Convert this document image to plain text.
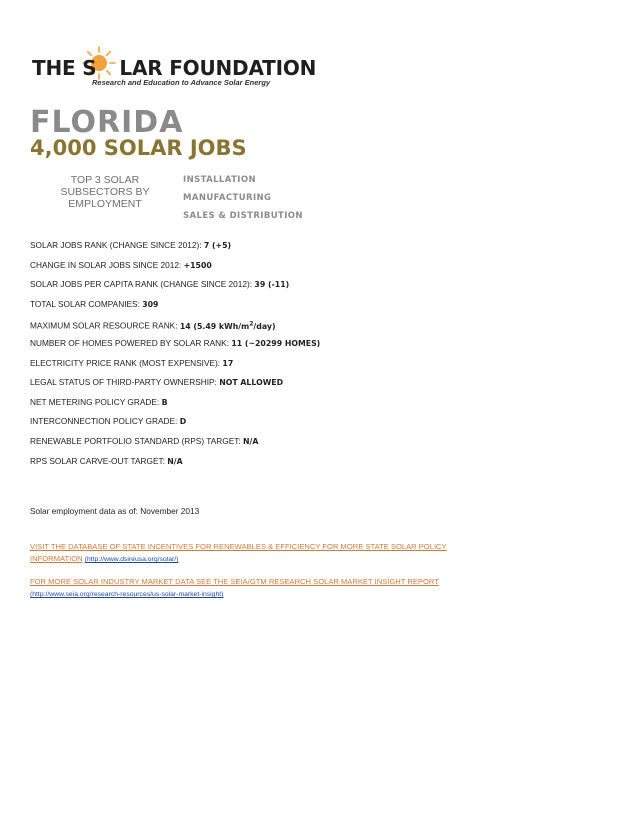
THE S LAR FOUNDATION
Research and Education to Advance Solar Energy
FLORIDA
4,000 SOLAR JOBS
TOP 3 SOLAR SUBSECTORS BY EMPLOYMENT
INSTALLATION
MANUFACTURING
SALES & DISTRIBUTION
SOLAR JOBS RANK (CHANGE SINCE 2012): 7 (+5)
CHANGE IN SOLAR JOBS SINCE 2012: +1500
SOLAR JOBS PER CAPITA RANK (CHANGE SINCE 2012): 39 (-11)
TOTAL SOLAR COMPANIES: 309
MAXIMUM SOLAR RESOURCE RANK: 14 (5.49 kWh/$m^2/day$)
NUMBER OF HOMES POWERED BY SOLAR RANK: 11 (~20299 HOMES)
ELECTRICITY PRICE RANK (MOST EXPENSIVE): 17
LEGAL STATUS OF THIRD-PARTY OWNERSHIP: NOT ALLOWED
NET METERING POLICY GRADE: B
INTERCONNECTION POLICY GRADE: D
RENEWABLE PORTFOLIO STANDARD (RPS) TARGET: N/A
RPS SOLAR CARVE-OUT TARGET: N/A
Solar employment data as of: November 2013
VISIT THE DATABASE OF STATE INCENTIVES FOR RENEWABLES & EFFICIENCY FOR MORE STATE SOLAR POLICY
INFORMATION (http://www.dsireusa.org/solar/)
FOR MORE SOLAR INDUSTRY MARKET DATA SEE THE SEIA/GTM RESEARCH SOLAR MARKET INSIGHT REPORT
(http://www.seia.org/research-resources/us-solar-market-insight)
